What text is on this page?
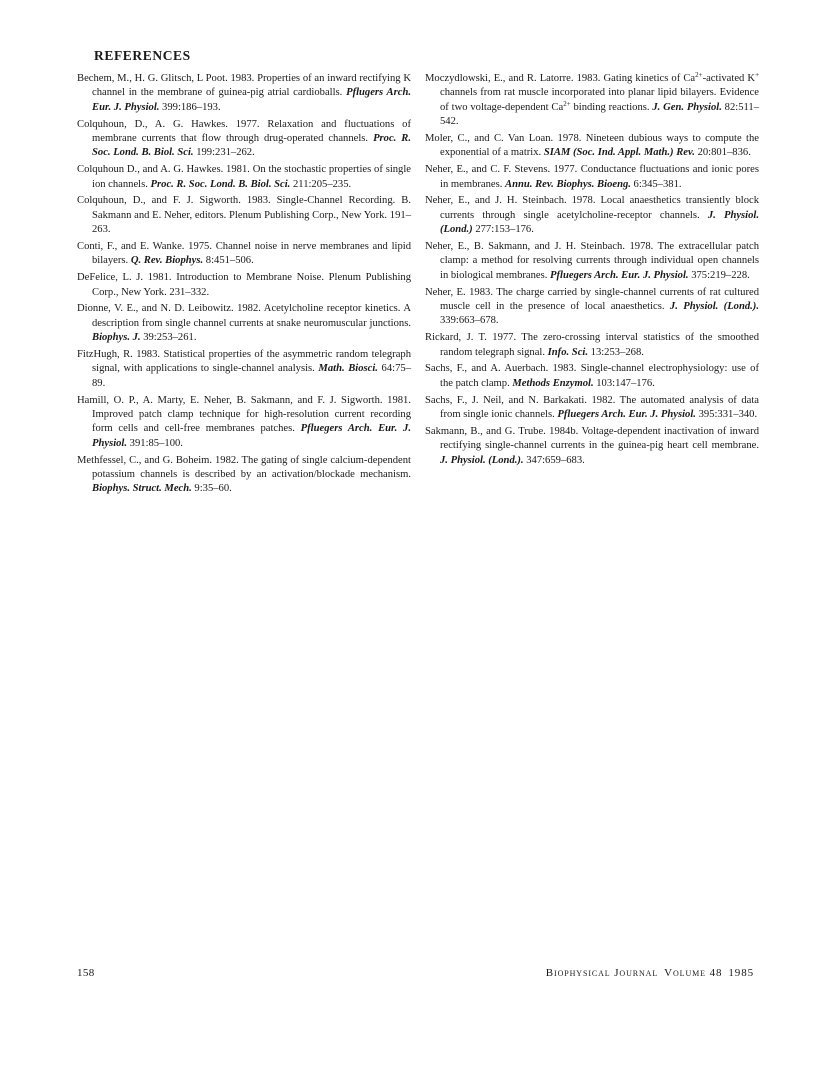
REFERENCES

Bechem, M., H. G. Glitsch, L Poot. 1983. Properties of an inward rectifying K channel in the membrane of guinea-pig atrial cardioballs. Pflugers Arch. Eur. J. Physiol. 399:186–193.

Colquhoun, D., A. G. Hawkes. 1977. Relaxation and fluctuations of membrane currents that flow through drug-operated channels. Proc. R. Soc. Lond. B. Biol. Sci. 199:231–262.

Colquhoun D., and A. G. Hawkes. 1981. On the stochastic properties of single ion channels. Proc. R. Soc. Lond. B. Biol. Sci. 211:205–235.

Colquhoun, D., and F. J. Sigworth. 1983. Single-Channel Recording. B. Sakmann and E. Neher, editors. Plenum Publishing Corp., New York. 191–263.

Conti, F., and E. Wanke. 1975. Channel noise in nerve membranes and lipid bilayers. Q. Rev. Biophys. 8:451–506.

DeFelice, L. J. 1981. Introduction to Membrane Noise. Plenum Publishing Corp., New York. 231–332.

Dionne, V. E., and N. D. Leibowitz. 1982. Acetylcholine receptor kinetics. A description from single channel currents at snake neuromuscular junctions. Biophys. J. 39:253–261.

FitzHugh, R. 1983. Statistical properties of the asymmetric random telegraph signal, with applications to single-channel analysis. Math. Biosci. 64:75–89.

Hamill, O. P., A. Marty, E. Neher, B. Sakmann, and F. J. Sigworth. 1981. Improved patch clamp technique for high-resolution current recording form cells and cell-free membranes patches. Pfluegers Arch. Eur. J. Physiol. 391:85–100.

Methfessel, C., and G. Boheim. 1982. The gating of single calcium-dependent potassium channels is described by an activation/blockade mechanism. Biophys. Struct. Mech. 9:35–60.

Moczydlowski, E., and R. Latorre. 1983. Gating kinetics of $Ca^{2+}$-activated K+ channels from rat muscle incorporated into planar lipid bilayers. Evidence of two voltage-dependent $Ca^{2+}$ binding reactions. J. Gen. Physiol. 82:511–542.

Moler, C., and C. Van Loan. 1978. Nineteen dubious ways to compute the exponential of a matrix. SIAM (Soc. Ind. Appl. Math.) Rev. 20:801–836.

Neher, E., and C. F. Stevens. 1977. Conductance fluctuations and ionic pores in membranes. Annu. Rev. Biophys. Bioeng. 6:345–381.

Neher, E., and J. H. Steinbach. 1978. Local anaesthetics transiently block currents through single acetylcholine-receptor channels. J. Physiol. (Lond.) 277:153–176.

Neher, E., B. Sakmann, and J. H. Steinbach. 1978. The extracellular patch clamp: a method for resolving currents through individual open channels in biological membranes. Pfluegers Arch. Eur. J. Physiol. 375:219–228.

Neher, E. 1983. The charge carried by single-channel currents of rat cultured muscle cell in the presence of local anaesthetics. J. Physiol. (Lond.). 339:663–678.

Rickard, J. T. 1977. The zero-crossing interval statistics of the smoothed random telegraph signal. Info. Sci. 13:253–268.

Sachs, F., and A. Auerbach. 1983. Single-channel electrophysiology: use of the patch clamp. Methods Enzymol. 103:147–176.

Sachs, F., J. Neil, and N. Barkakati. 1982. The automated analysis of data from single ionic channels. Pfluegers Arch. Eur. J. Physiol. 395:331–340.

Sakmann, B., and G. Trube. 1984b. Voltage-dependent inactivation of inward rectifying single-channel currents in the guinea-pig heart cell membrane. J. Physiol. (Lond.). 347:659–683.

158	Biophysical Journal Volume 48 1985
